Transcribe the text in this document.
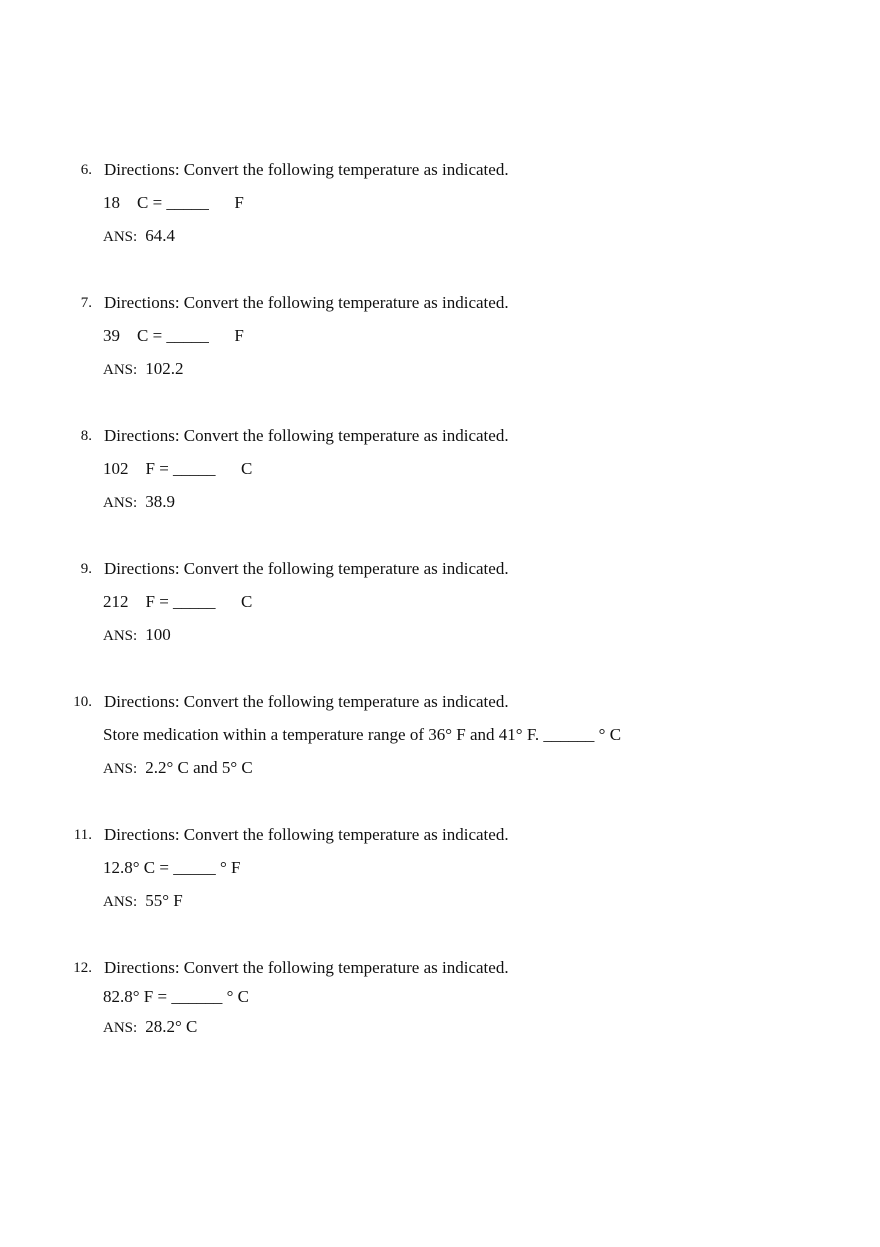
6. Directions: Convert the following temperature as indicated.
18    C = _____      F
ANS: 64.4
7. Directions: Convert the following temperature as indicated.
39    C = _____      F
ANS: 102.2
8. Directions: Convert the following temperature as indicated.
102    F = _____      C
ANS: 38.9
9. Directions: Convert the following temperature as indicated.
212    F = _____      C
ANS: 100
10. Directions: Convert the following temperature as indicated.
Store medication within a temperature range of 36° F and 41° F. ______ ° C
ANS: 2.2° C and 5° C
11. Directions: Convert the following temperature as indicated.
12.8° C = _____ ° F
ANS: 55° F
12. Directions: Convert the following temperature as indicated.
82.8° F = ______ ° C
ANS: 28.2° C
